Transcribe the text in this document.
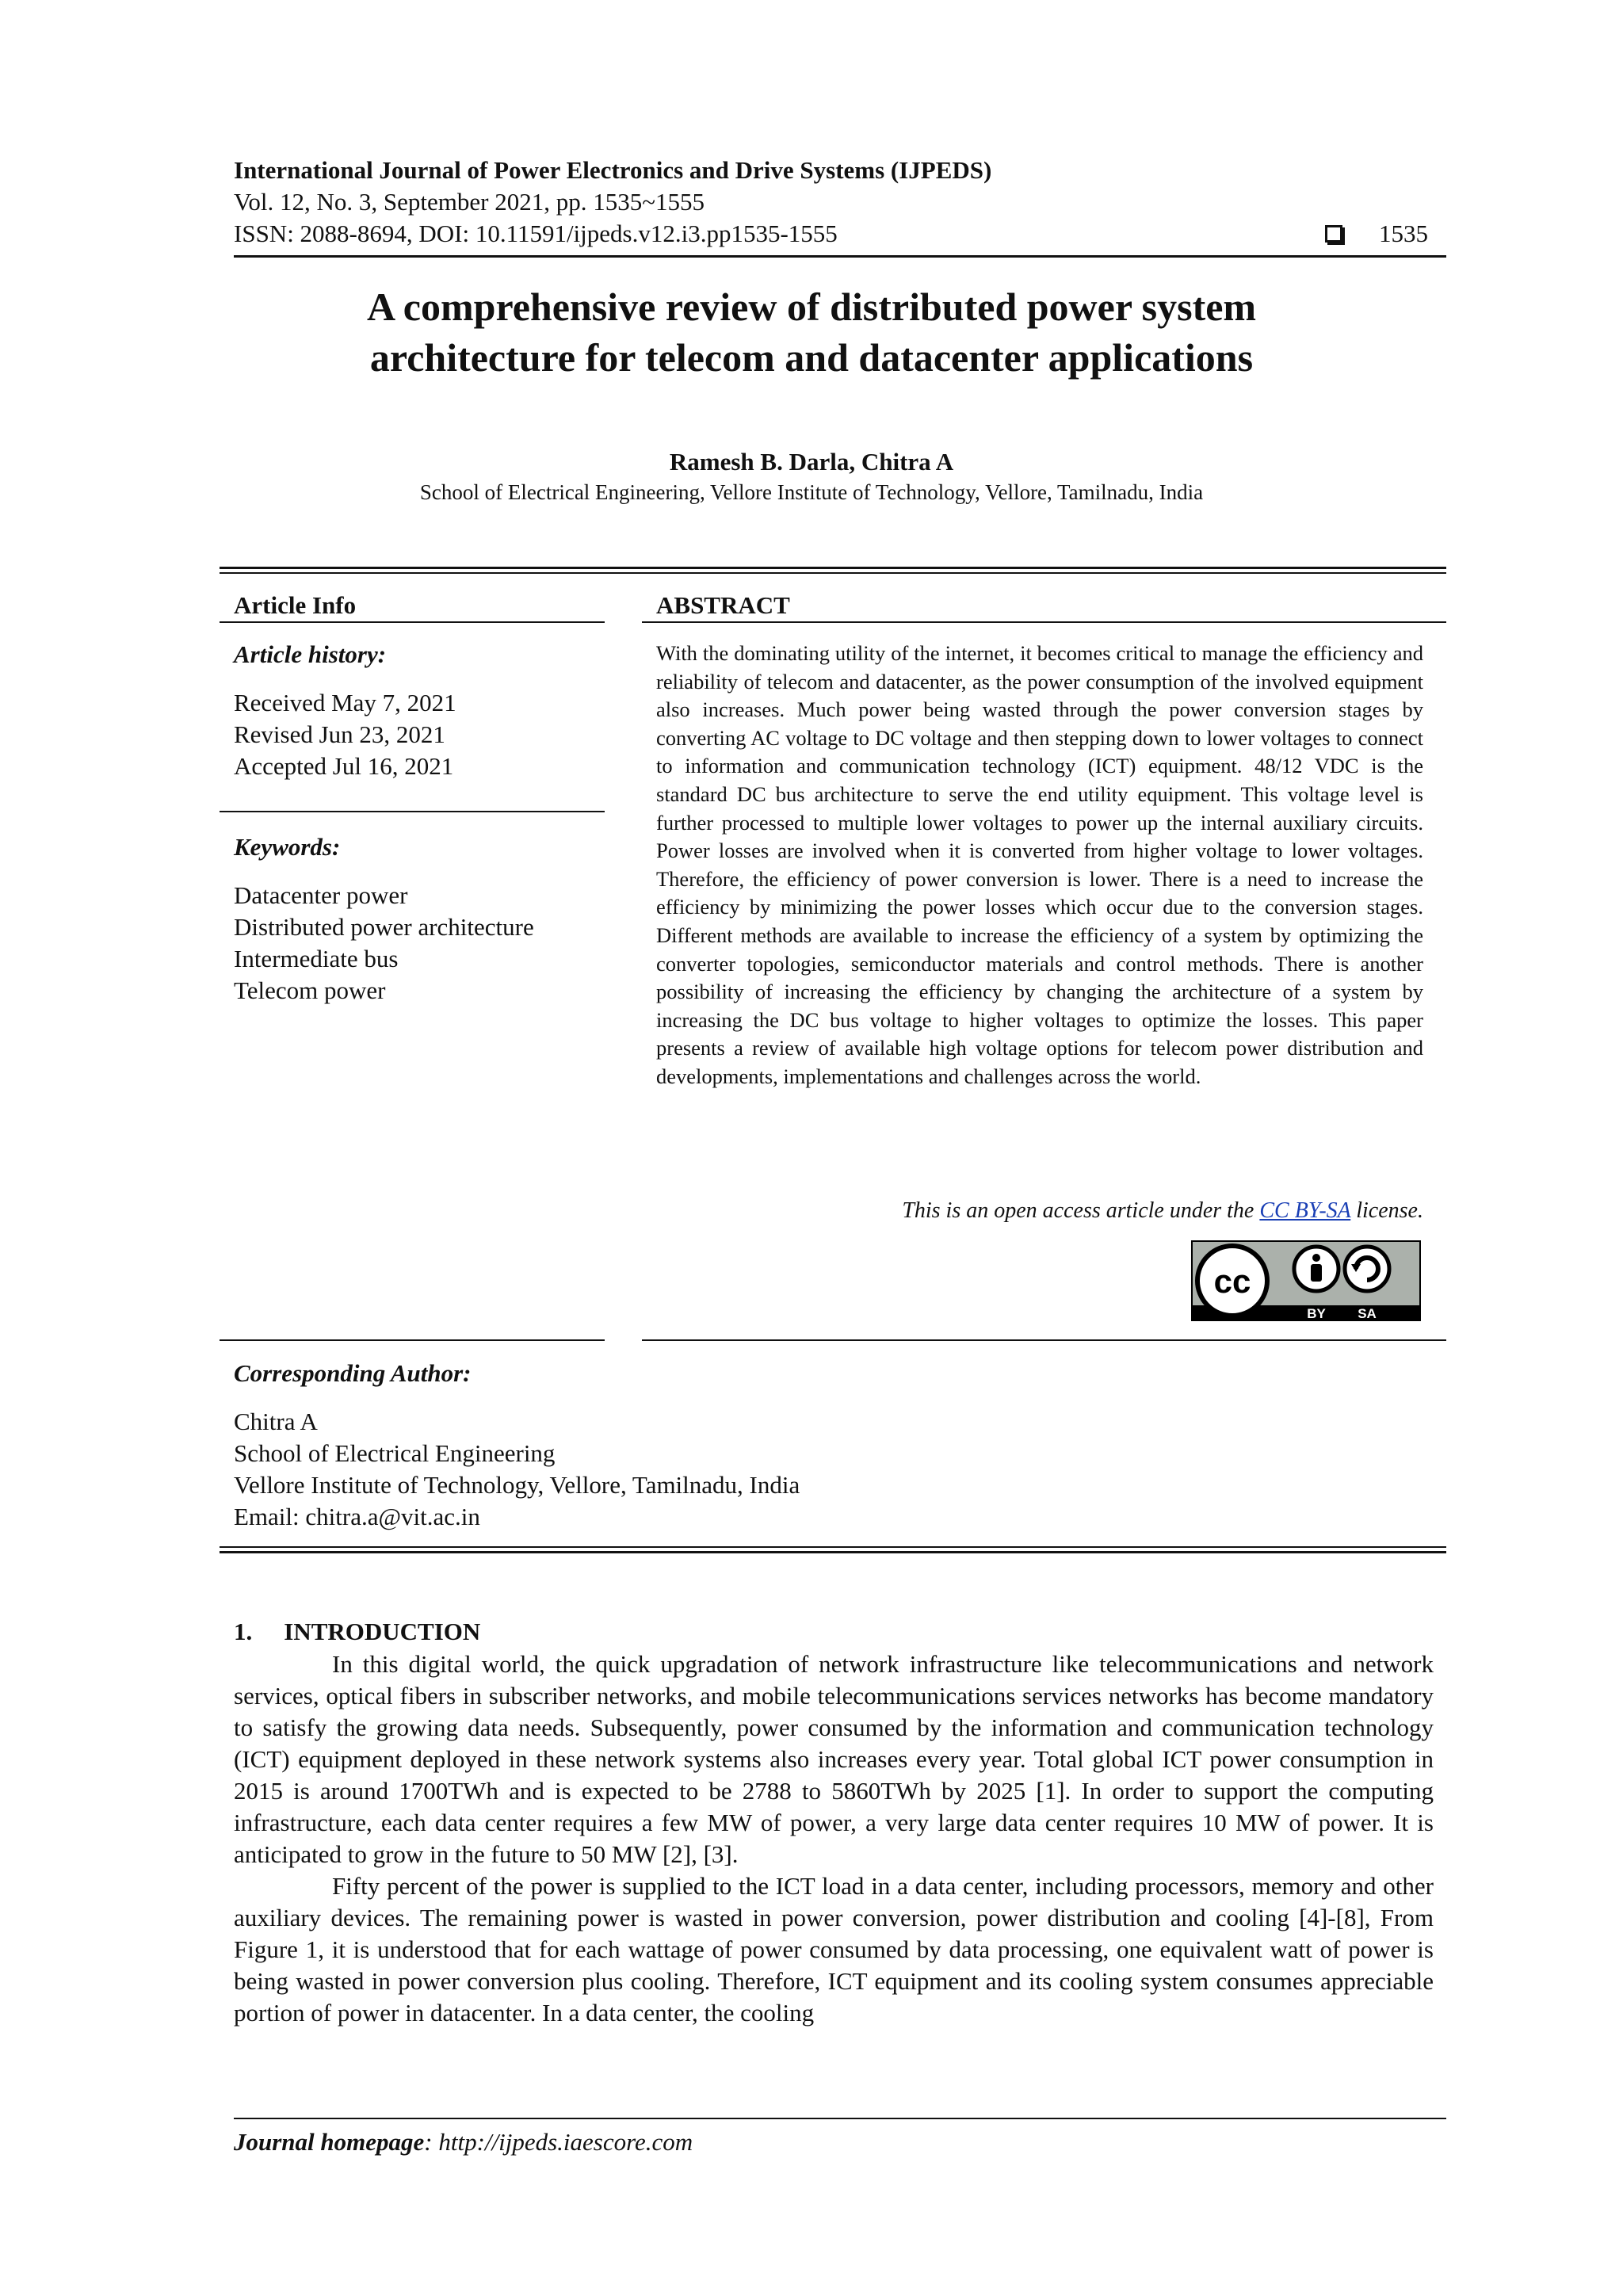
International Journal of Power Electronics and Drive Systems (IJPEDS)
Vol. 12, No. 3, September 2021, pp. 1535~1555
ISSN: 2088-8694, DOI: 10.11591/ijpeds.v12.i3.pp1535-1555	1535
A comprehensive review of distributed power system
architecture for telecom and datacenter applications
Ramesh B. Darla, Chitra A
School of Electrical Engineering, Vellore Institute of Technology, Vellore, Tamilnadu, India
Article Info
Article history:
Received May 7, 2021
Revised Jun 23, 2021
Accepted Jul 16, 2021
Keywords:
Datacenter power
Distributed power architecture
Intermediate bus
Telecom power
ABSTRACT

With the dominating utility of the internet, it becomes critical to manage the efficiency and reliability of telecom and datacenter, as the power consumption of the involved equipment also increases. Much power being wasted through the power conversion stages by converting AC voltage to DC voltage and then stepping down to lower voltages to connect to information and communication technology (ICT) equipment. 48/12 VDC is the standard DC bus architecture to serve the end utility equipment. This voltage level is further processed to multiple lower voltages to power up the internal auxiliary circuits. Power losses are involved when it is converted from higher voltage to lower voltages. Therefore, the efficiency of power conversion is lower. There is a need to increase the efficiency by minimizing the power losses which occur due to the conversion stages. Different methods are available to increase the efficiency of a system by optimizing the converter topologies, semiconductor materials and control methods. There is another possibility of increasing the efficiency by changing the architecture of a system by increasing the DC bus voltage to higher voltages to optimize the losses. This paper presents a review of available high voltage options for telecom power distribution and developments, implementations and challenges across the world.

This is an open access article under the CC BY-SA license.
cc
BY SA
Corresponding Author:
Chitra A
School of Electrical Engineering
Vellore Institute of Technology, Vellore, Tamilnadu, India
Email: chitra.a@vit.ac.in
1. INTRODUCTION

In this digital world, the quick upgradation of network infrastructure like telecommunications and network services, optical fibers in subscriber networks, and mobile telecommunications services networks has become mandatory to satisfy the growing data needs. Subsequently, power consumed by the information and communication technology (ICT) equipment deployed in these network systems also increases every year. Total global ICT power consumption in 2015 is around 1700TWh and is expected to be 2788 to 5860TWh by 2025 [1]. In order to support the computing infrastructure, each data center requires a few MW of power, a very large data center requires 10 MW of power. It is anticipated to grow in the future to 50 MW [2], [3].

Fifty percent of the power is supplied to the ICT load in a data center, including processors, memory and other auxiliary devices. The remaining power is wasted in power conversion, power distribution and cooling [4]-[8], From Figure 1, it is understood that for each wattage of power consumed by data processing, one equivalent watt of power is being wasted in power conversion plus cooling. Therefore, ICT equipment and its cooling system consumes appreciable portion of power in datacenter. In a data center, the cooling

Journal homepage: http://ijpeds.iaescore.com
